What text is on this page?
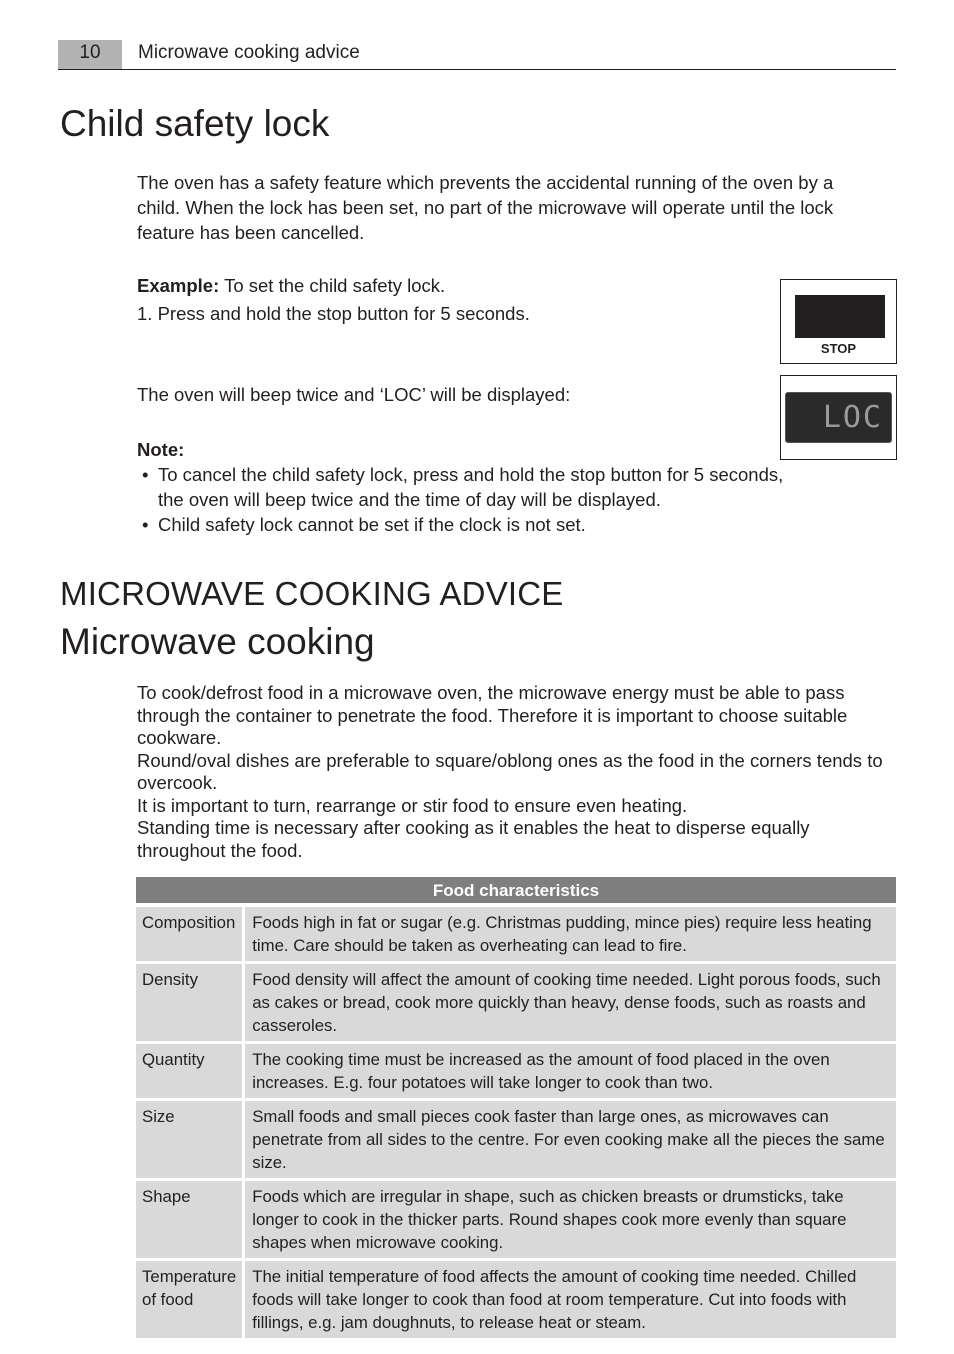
10	Microwave cooking advice
Child safety lock

The oven has a safety feature which prevents the accidental running of the oven by a child. When the lock has been set, no part of the microwave will operate until the lock feature has been cancelled.

Example: To set the child safety lock.

1. Press and hold the stop button for 5 seconds.

STOP

The oven will beep twice and ‘LOC’ will be displayed:

LOC
Note:
• To cancel the child safety lock, press and hold the stop button for 5 seconds, the oven will beep twice and the time of day will be displayed.
• Child safety lock cannot be set if the clock is not set.
MICROWAVE COOKING ADVICE
Microwave cooking
To cook/defrost food in a microwave oven, the microwave energy must be able to pass through the container to penetrate the food. Therefore it is important to choose suitable cookware.
Round/oval dishes are preferable to square/oblong ones as the food in the corners tends to overcook.
It is important to turn, rearrange or stir food to ensure even heating.
Standing time is necessary after cooking as it enables the heat to disperse equally throughout the food.
Food characteristics	
Composition	Foods high in fat or sugar (e.g. Christmas pudding, mince pies) require less heating time. Care should be taken as overheating can lead to fire.
Density	Food density will affect the amount of cooking time needed. Light porous foods, such as cakes or bread, cook more quickly than heavy, dense foods, such as roasts and casseroles.
Quantity	The cooking time must be increased as the amount of food placed in the oven increases. E.g. four potatoes will take longer to cook than two.
Size	Small foods and small pieces cook faster than large ones, as microwaves can penetrate from all sides to the centre. For even cooking make all the pieces the same size.
Shape	Foods which are irregular in shape, such as chicken breasts or drumsticks, take longer to cook in the thicker parts. Round shapes cook more evenly than square shapes when microwave cooking.
Temperature of food	The initial temperature of food affects the amount of cooking time needed. Chilled foods will take longer to cook than food at room temperature. Cut into foods with fillings, e.g. jam doughnuts, to release heat or steam.
